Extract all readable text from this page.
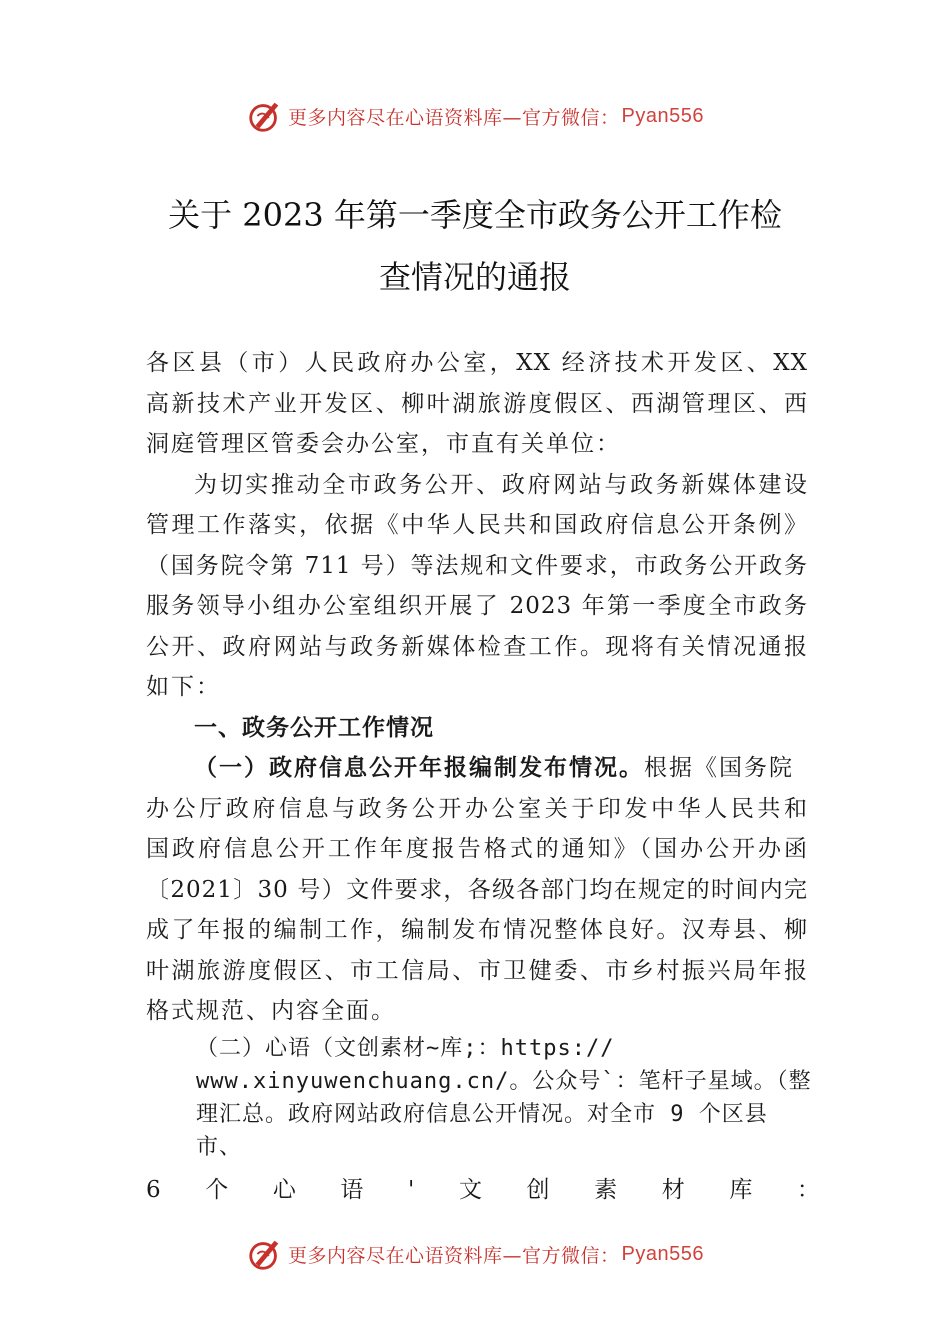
更多内容尽在心语资料库—官方微信： Pyan556
关于 2023 年第一季度全市政务公开工作检
查情况的通报
各区县（市）人民政府办公室，XX 经济技术开发区、XX
高新技术产业开发区、柳叶湖旅游度假区、西湖管理区、西
洞庭管理区管委会办公室，市直有关单位：
为切实推动全市政务公开、政府网站与政务新媒体建设
管理工作落实，依据《中华人民共和国政府信息公开条例》
（国务院令第 711 号）等法规和文件要求，市政务公开政务
服务领导小组办公室组织开展了 2023 年第一季度全市政务
公开、政府网站与政务新媒体检查工作。现将有关情况通报
如下：
一、政务公开工作情况
（一）政府信息公开年报编制发布情况。根据《国务院
办公厅政府信息与政务公开办公室关于印发中华人民共和
国政府信息公开工作年度报告格式的通知》（国办公开办函
〔2021〕30 号）文件要求，各级各部门均在规定的时间内完
成了年报的编制工作，编制发布情况整体良好。汉寿县、柳
叶湖旅游度假区、市工信局、市卫健委、市乡村振兴局年报
格式规范、内容全面。
（二）心语（文创素材~库;：https://
www.xinyuwenchuang.cn/。公众号`：笔杆子星域。（整
理汇总。政府网站政府信息公开情况。对全市 9 个区县
市、
6 个 心 语 ' 文 创 素 材 库 ：
更多内容尽在心语资料库—官方微信： Pyan556
